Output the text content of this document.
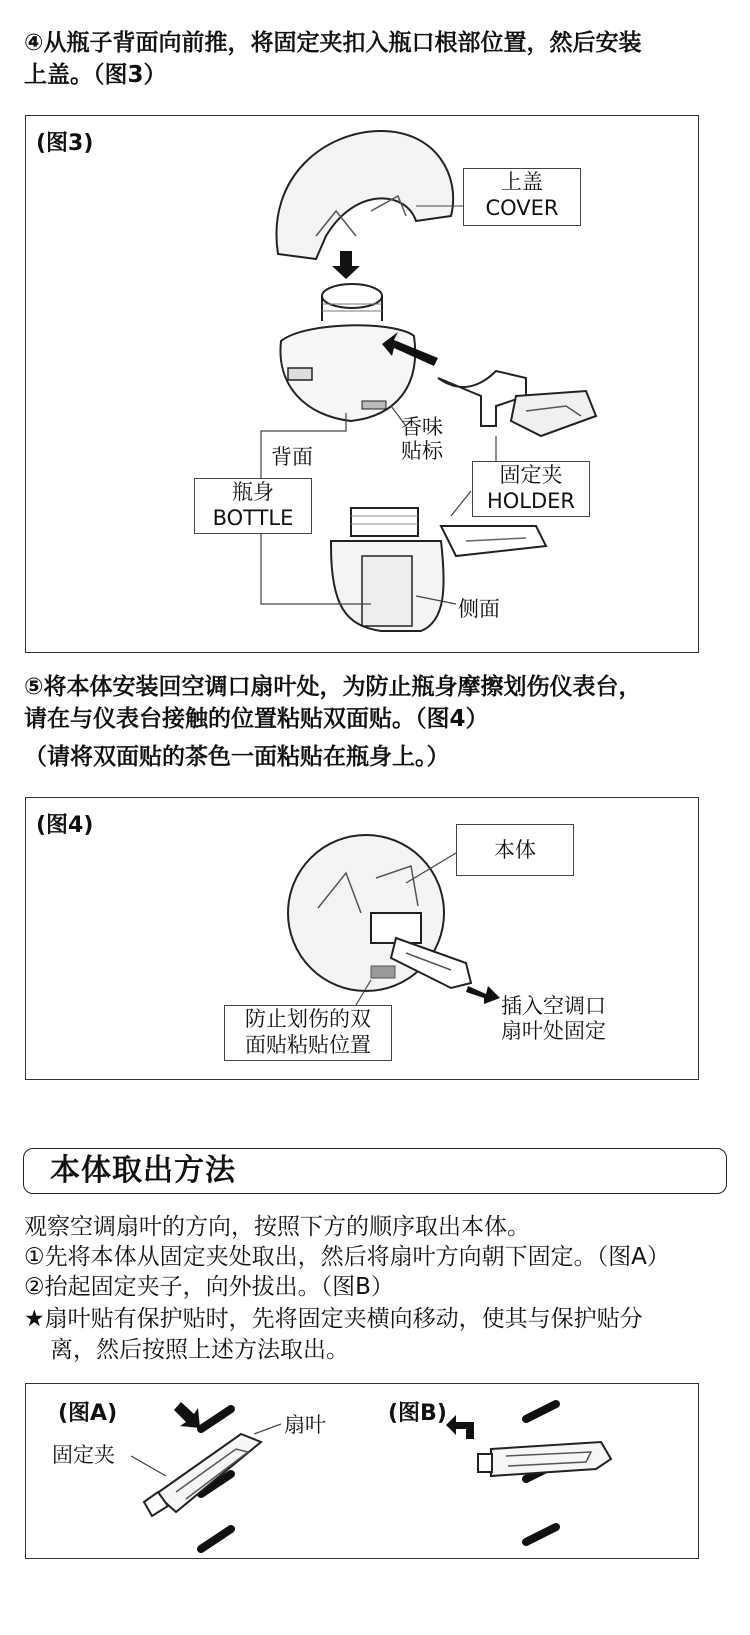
④从瓶子背面向前推，将固定夹扣入瓶口根部位置，然后安装
上盖。（图3）
(图3)
上盖
COVER
香味
贴标
背面
瓶身
BOTTLE
固定夹
HOLDER
侧面
⑤将本体安装回空调口扇叶处，为防止瓶身摩擦划伤仪表台，
请在与仪表台接触的位置粘贴双面贴。（图4）
（请将双面贴的茶色一面粘贴在瓶身上。）
(图4)
本体
插入空调口
扇叶处固定
防止划伤的双
面贴粘贴位置
本体取出方法
观察空调扇叶的方向，按照下方的顺序取出本体。
①先将本体从固定夹处取出，然后将扇叶方向朝下固定。（图A）
②抬起固定夹子，向外拔出。（图B）
★扇叶贴有保护贴时，先将固定夹横向移动，使其与保护贴分
离，然后按照上述方法取出。
(图A)	(图B)
扇叶
固定夹
